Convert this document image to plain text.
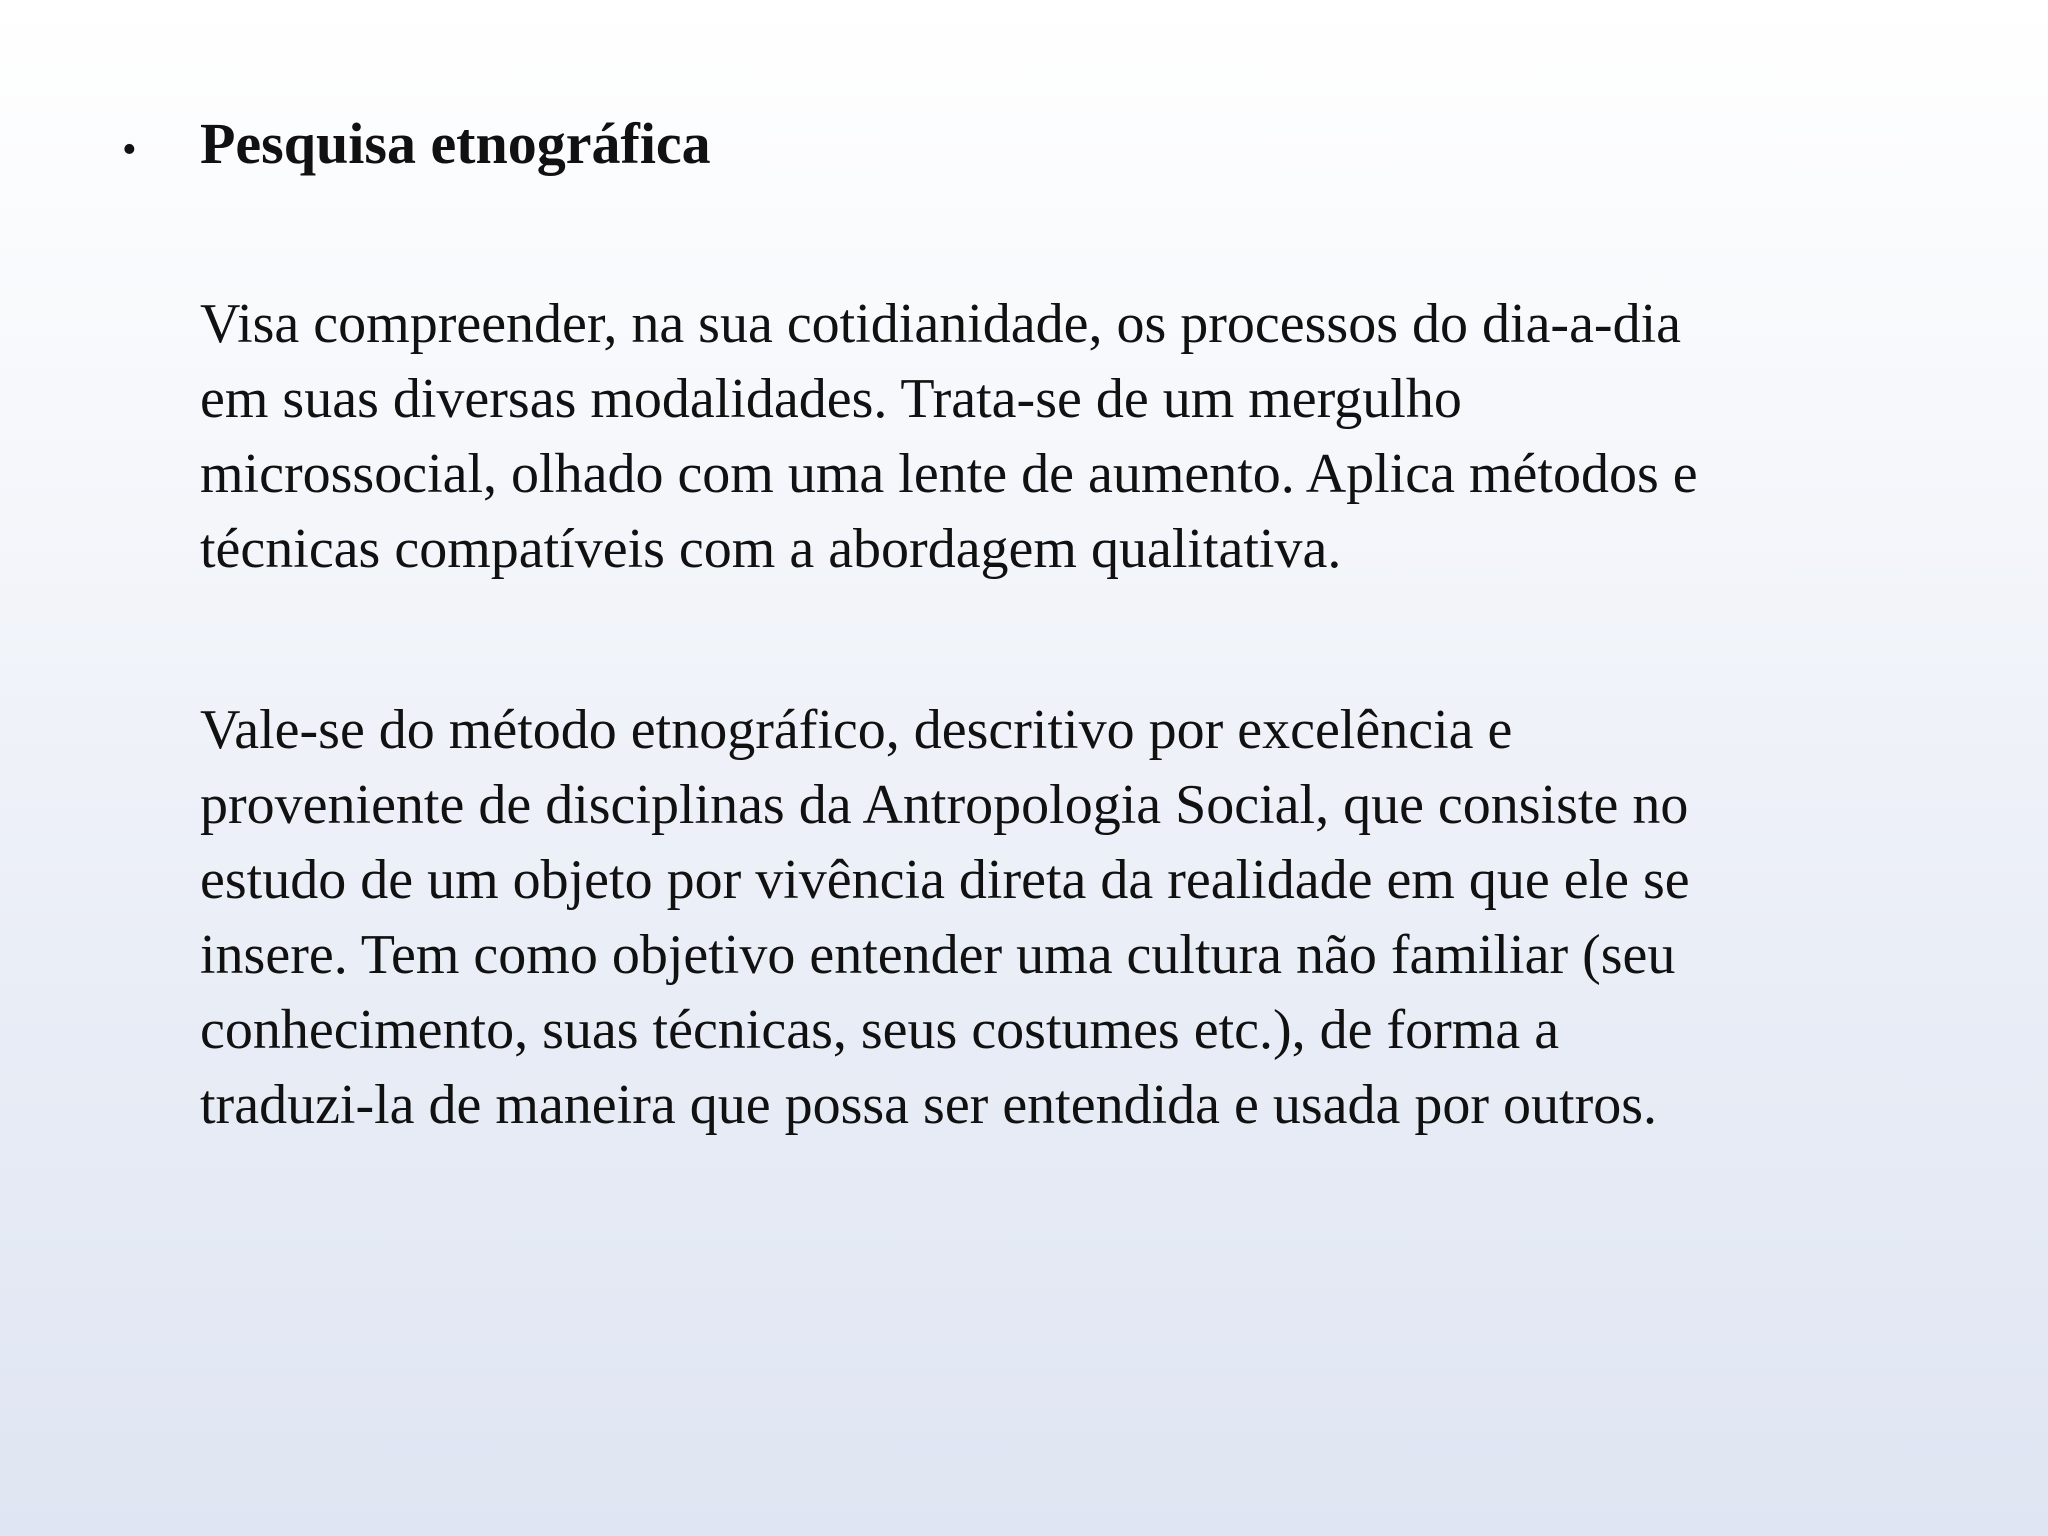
•	Pesquisa etnográfica
Visa compreender, na sua cotidianidade, os processos do dia-a-dia
em suas diversas modalidades. Trata-se de um mergulho
microssocial, olhado com uma lente de aumento. Aplica métodos e
técnicas compatíveis com a abordagem qualitativa.
Vale-se do método etnográfico, descritivo por excelência e
proveniente de disciplinas da Antropologia Social, que consiste no
estudo de um objeto por vivência direta da realidade em que ele se
insere. Tem como objetivo entender uma cultura não familiar (seu
conhecimento, suas técnicas, seus costumes etc.), de forma a
traduzi-la de maneira que possa ser entendida e usada por outros.
